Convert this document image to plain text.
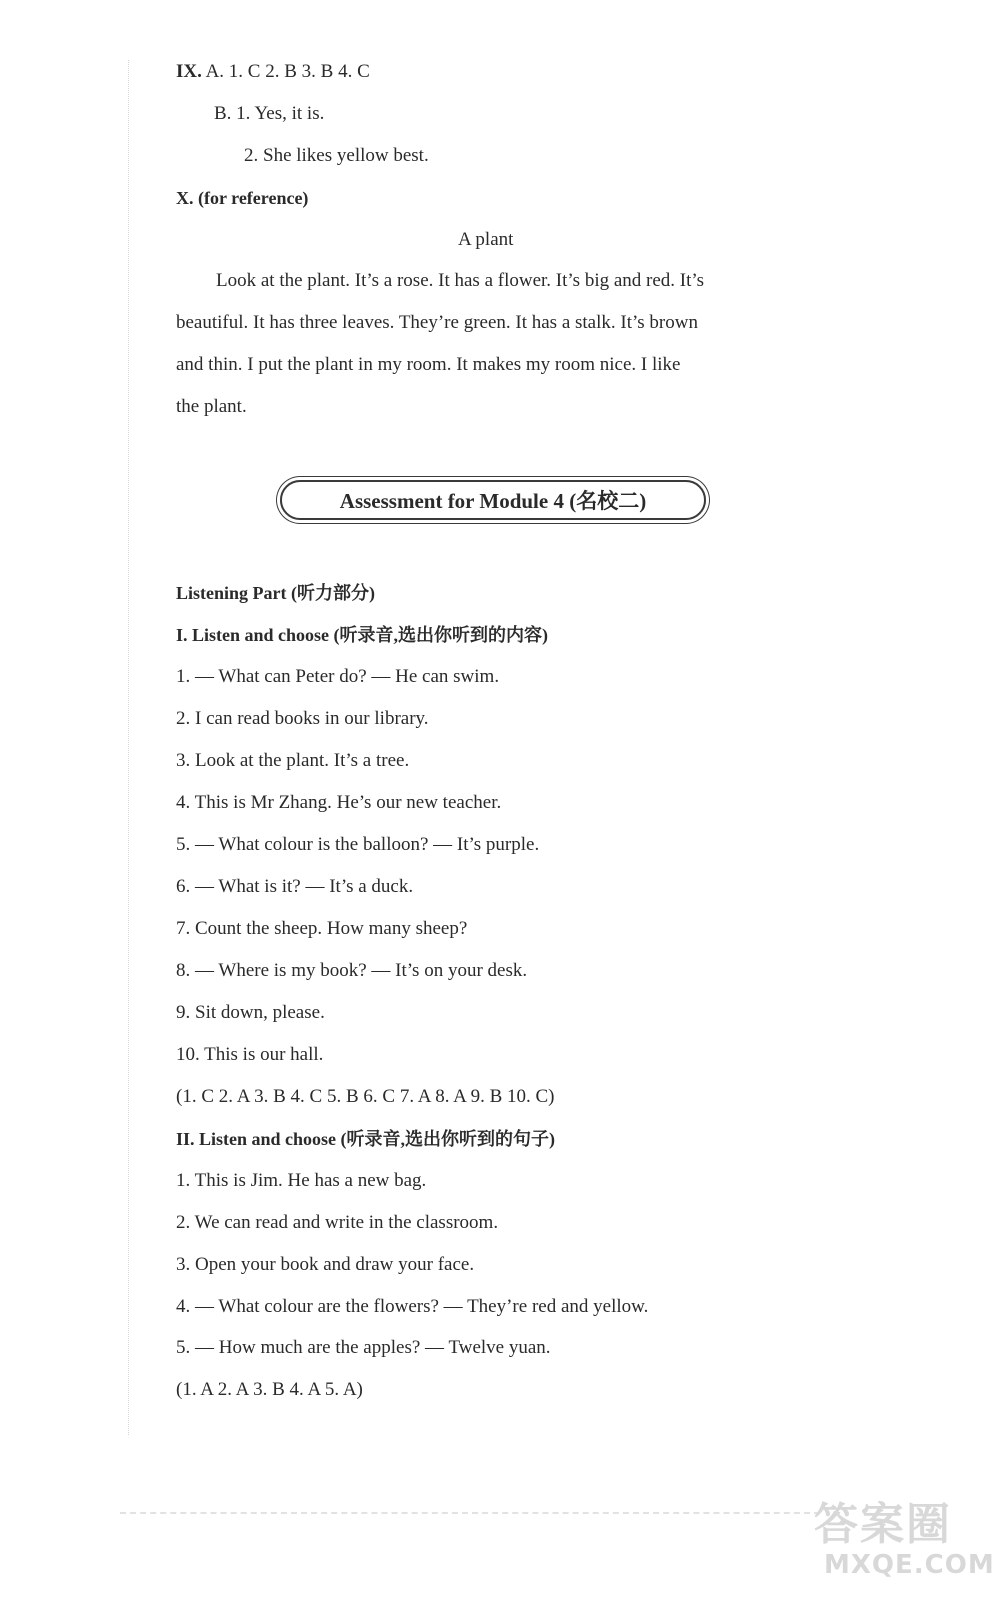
IX. A. 1. C 2. B 3. B 4. C
B. 1. Yes, it is.
2. She likes yellow best.
X. (for reference)
A plant
Look at the plant. It’s a rose. It has a flower. It’s big and red. It’s
beautiful. It has three leaves. They’re green. It has a stalk. It’s brown
and thin. I put the plant in my room. It makes my room nice. I like
the plant.
Assessment for Module 4 (名校二)
Listening Part (听力部分)
I. Listen and choose (听录音,选出你听到的内容)
1. — What can Peter do? — He can swim.
2. I can read books in our library.
3. Look at the plant. It’s a tree.
4. This is Mr Zhang. He’s our new teacher.
5. — What colour is the balloon? — It’s purple.
6. — What is it? — It’s a duck.
7. Count the sheep. How many sheep?
8. — Where is my book? — It’s on your desk.
9. Sit down, please.
10. This is our hall.
(1. C 2. A 3. B 4. C 5. B 6. C 7. A 8. A 9. B 10. C)
II. Listen and choose (听录音,选出你听到的句子)
1. This is Jim. He has a new bag.
2. We can read and write in the classroom.
3. Open your book and draw your face.
4. — What colour are the flowers? — They’re red and yellow.
5. — How much are the apples? — Twelve yuan.
(1. A 2. A 3. B 4. A 5. A)
答案圈
MXQE.COM
